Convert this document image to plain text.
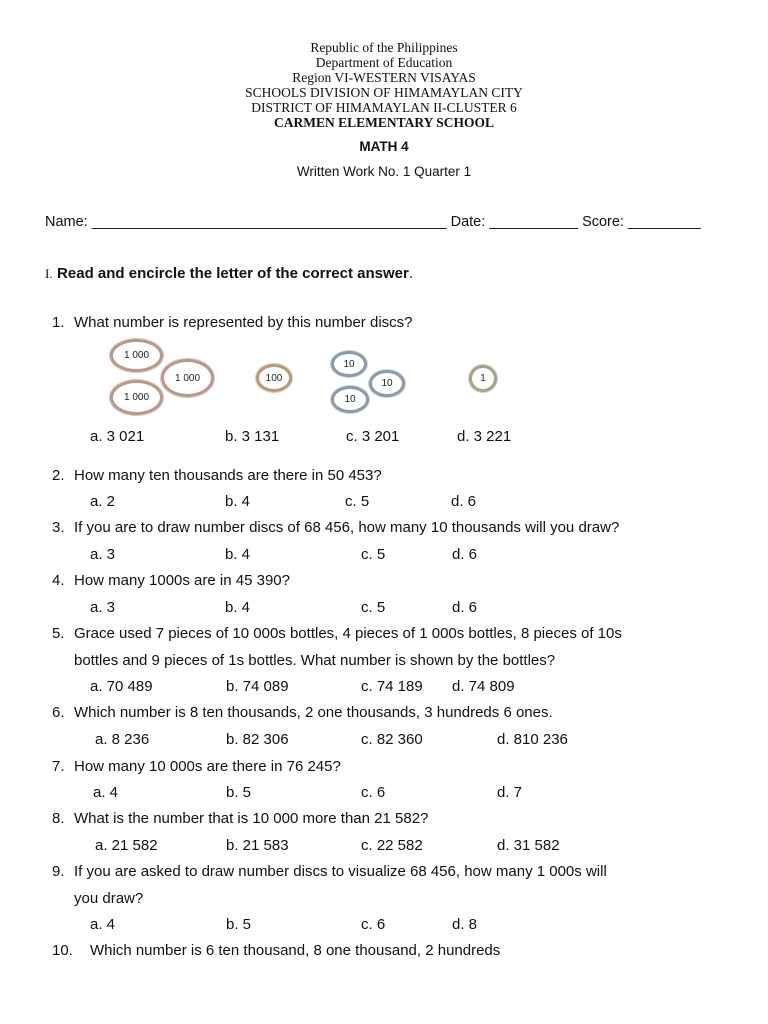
Republic of the Philippines
Department of Education
Region VI-WESTERN VISAYAS
SCHOOLS DIVISION OF HIMAMAYLAN CITY
DISTRICT OF HIMAMAYLAN II-CLUSTER 6
CARMEN ELEMENTARY SCHOOL
MATH 4
Written Work No. 1 Quarter 1
Name: ____________________________________________ Date: ___________ Score: _________
I. Read and encircle the letter of the correct answer.
1. What number is represented by this number discs?
1 000
1 000
1 000
100
10
10
10
1
a. 3 021	b. 3 131	c. 3 201	d. 3 221
2. How many ten thousands are there in 50 453?
a. 2	b. 4	c. 5	d. 6
3. If you are to draw number discs of 68 456, how many 10 thousands will you draw?
a. 3	b. 4	c. 5	d. 6
4. How many 1000s are in 45 390?
a. 3	b. 4	c. 5	d. 6
5. Grace used 7 pieces of 10 000s bottles, 4 pieces of 1 000s bottles, 8 pieces of 10s
bottles and 9 pieces of 1s bottles. What number is shown by the bottles?
a. 70 489	b. 74 089	c. 74 189 d. 74 809
6. Which number is 8 ten thousands, 2 one thousands, 3 hundreds 6 ones.
a. 8 236	b. 82 306	c. 82 360	d. 810 236
7. How many 10 000s are there in 76 245?
a. 4	b. 5	c. 6	d. 7
8. What is the number that is 10 000 more than 21 582?
a. 21 582	b. 21 583	c. 22 582	d. 31 582
9. If you are asked to draw number discs to visualize 68 456, how many 1 000s will
you draw?
a. 4	b. 5	c. 6	d. 8
10. Which number is 6 ten thousand, 8 one thousand, 2 hundreds
